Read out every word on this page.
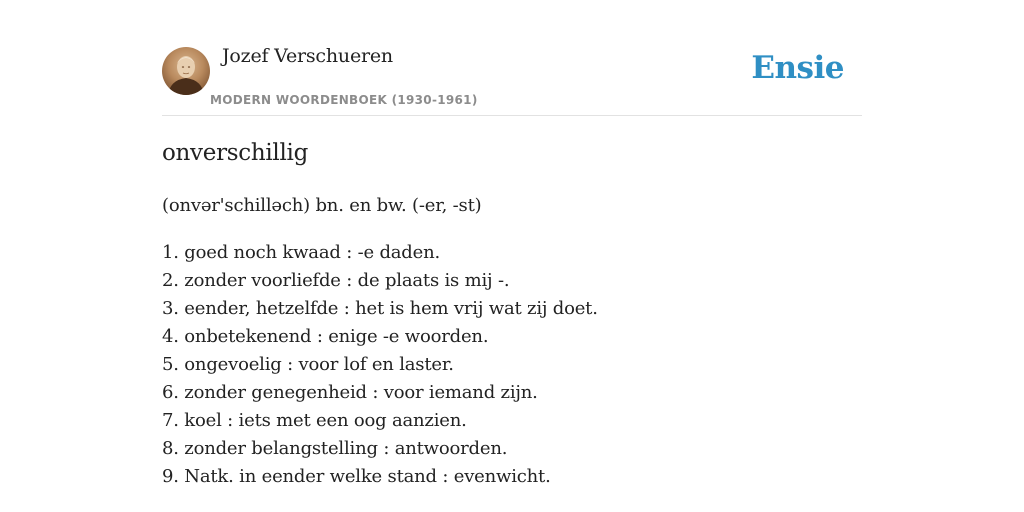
Jozef Verschueren
MODERN WOORDENBOEK (1930-1961)
Ensie
onverschillig
(onvər'schilləch) bn. en bw. (-er, -st)
1. goed noch kwaad : -e daden.
2. zonder voorliefde : de plaats is mij -.
3. eender, hetzelfde : het is hem vrij wat zij doet.
4. onbetekenend : enige -e woorden.
5. ongevoelig : voor lof en laster.
6. zonder genegenheid : voor iemand zijn.
7. koel : iets met een oog aanzien.
8. zonder belangstelling : antwoorden.
9. Natk. in eender welke stand : evenwicht.
